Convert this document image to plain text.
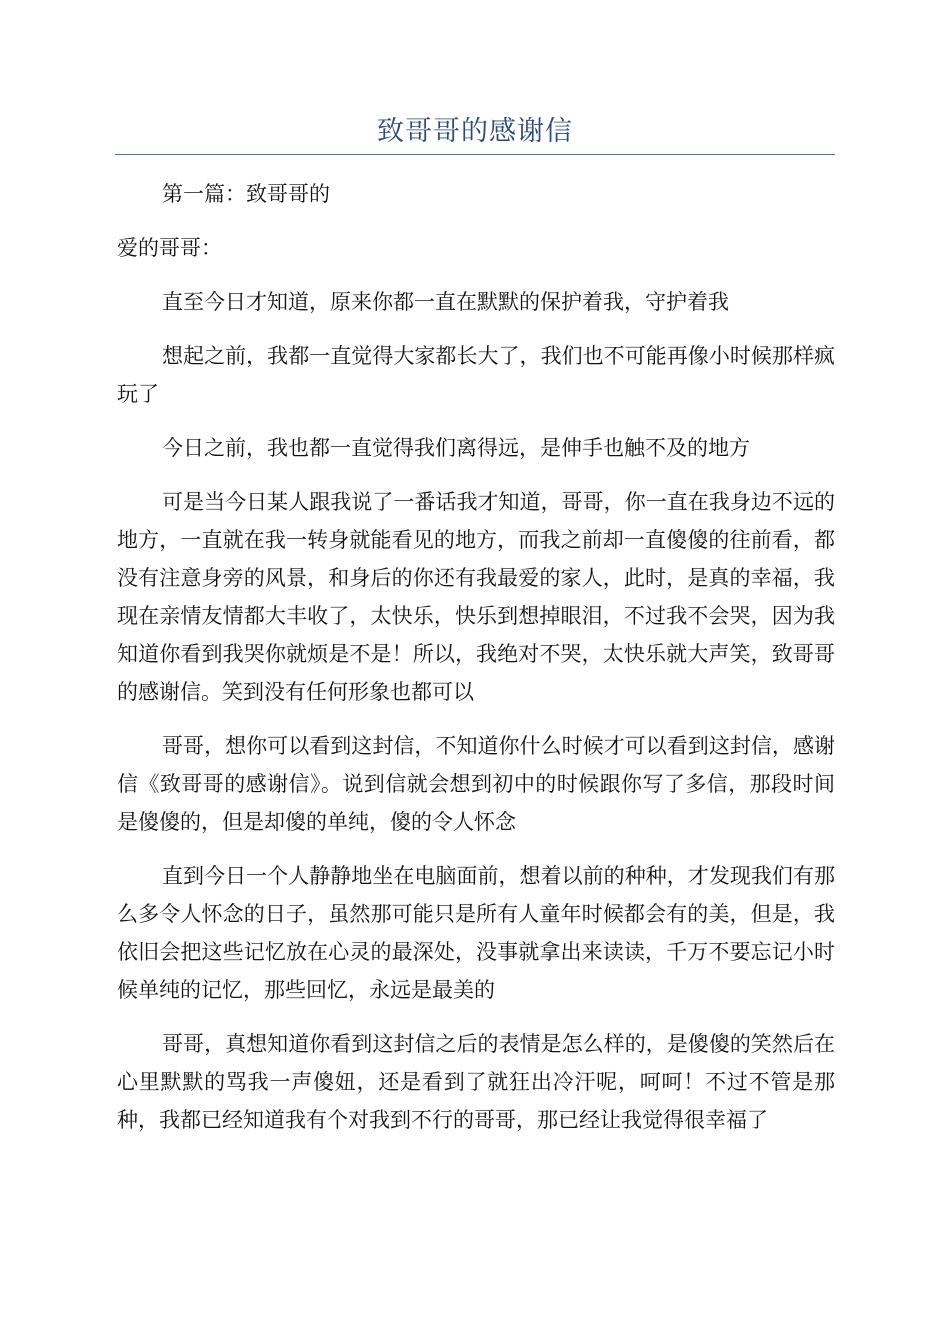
致哥哥的感谢信

第一篇：致哥哥的

爱的哥哥：

直至今日才知道，原来你都一直在默默的保护着我，守护着我

想起之前，我都一直觉得大家都长大了，我们也不可能再像小时候那样疯玩了

今日之前，我也都一直觉得我们离得远，是伸手也触不及的地方

可是当今日某人跟我说了一番话我才知道，哥哥，你一直在我身边不远的地方，一直就在我一转身就能看见的地方，而我之前却一直傻傻的往前看，都没有注意身旁的风景，和身后的你还有我最爱的家人，此时，是真的幸福，我现在亲情友情都大丰收了，太快乐，快乐到想掉眼泪，不过我不会哭，因为我知道你看到我哭你就烦是不是！所以，我绝对不哭，太快乐就大声笑，致哥哥的感谢信。笑到没有任何形象也都可以

哥哥，想你可以看到这封信，不知道你什么时候才可以看到这封信，感谢信《致哥哥的感谢信》。说到信就会想到初中的时候跟你写了多信，那段时间是傻傻的，但是却傻的单纯，傻的令人怀念

直到今日一个人静静地坐在电脑面前，想着以前的种种，才发现我们有那么多令人怀念的日子，虽然那可能只是所有人童年时候都会有的美，但是，我依旧会把这些记忆放在心灵的最深处，没事就拿出来读读，千万不要忘记小时候单纯的记忆，那些回忆，永远是最美的

哥哥，真想知道你看到这封信之后的表情是怎么样的，是傻傻的笑然后在心里默默的骂我一声傻妞，还是看到了就狂出冷汗呢，呵呵！不过不管是那种，我都已经知道我有个对我到不行的哥哥，那已经让我觉得很幸福了
